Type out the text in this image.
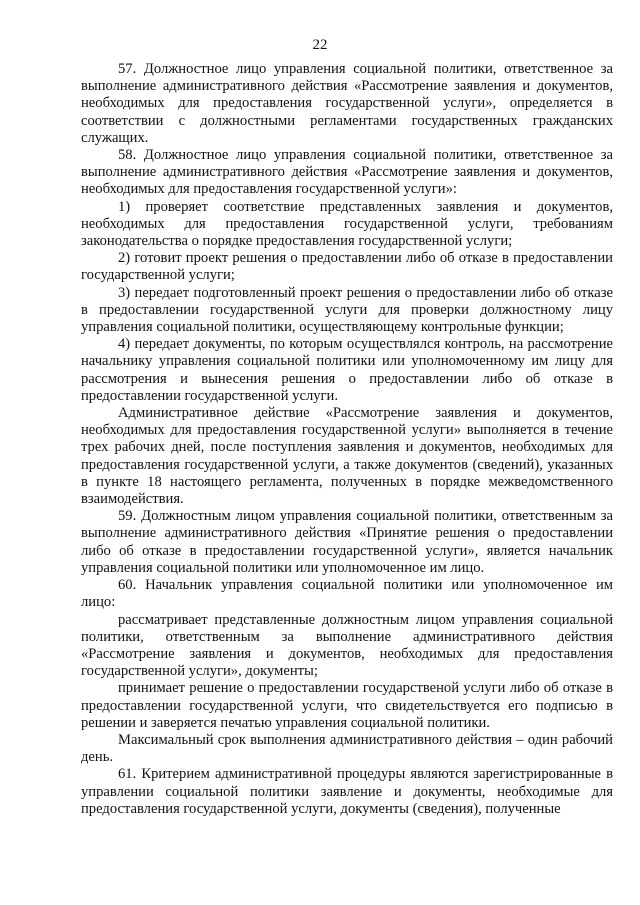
22

57. Должностное лицо управления социальной политики, ответственное за выполнение административного действия «Рассмотрение заявления и документов, необходимых для предоставления государственной услуги», определяется в соответствии с должностными регламентами государственных гражданских служащих.

58. Должностное лицо управления социальной политики, ответственное за выполнение административного действия «Рассмотрение заявления и документов, необходимых для предоставления государственной услуги»:

1) проверяет соответствие представленных заявления и документов, необходимых для предоставления государственной услуги, требованиям законодательства о порядке предоставления государственной услуги;

2) готовит проект решения о предоставлении либо об отказе в предоставлении государственной услуги;

3) передает подготовленный проект решения о предоставлении либо об отказе в предоставлении государственной услуги для проверки должностному лицу управления социальной политики, осуществляющему контрольные функции;

4) передает документы, по которым осуществлялся контроль, на рассмотрение начальнику управления социальной политики или уполномоченному им лицу для рассмотрения и вынесения решения о предоставлении либо об отказе в предоставлении государственной услуги.

Административное действие «Рассмотрение заявления и документов, необходимых для предоставления государственной услуги» выполняется в течение трех рабочих дней, после поступления заявления и документов, необходимых для предоставления государственной услуги, а также документов (сведений), указанных в пункте 18 настоящего регламента, полученных в порядке межведомственного взаимодействия.

59. Должностным лицом управления социальной политики, ответственным за выполнение административного действия «Принятие решения о предоставлении либо об отказе в предоставлении государственной услуги», является начальник управления социальной политики или уполномоченное им лицо.

60. Начальник управления социальной политики или уполномоченное им лицо:

рассматривает представленные должностным лицом управления социальной политики, ответственным за выполнение административного действия «Рассмотрение заявления и документов, необходимых для предоставления государственной услуги», документы;

принимает решение о предоставлении государственой услуги либо об отказе в предоставлении государственной услуги, что свидетельствуется его подписью в решении и заверяется печатью управления социальной политики.

Максимальный срок выполнения административного действия – один рабочий день.

61. Критерием административной процедуры являются зарегистрированные в управлении социальной политики заявление и документы, необходимые для предоставления государственной услуги, документы (сведения), полученные
